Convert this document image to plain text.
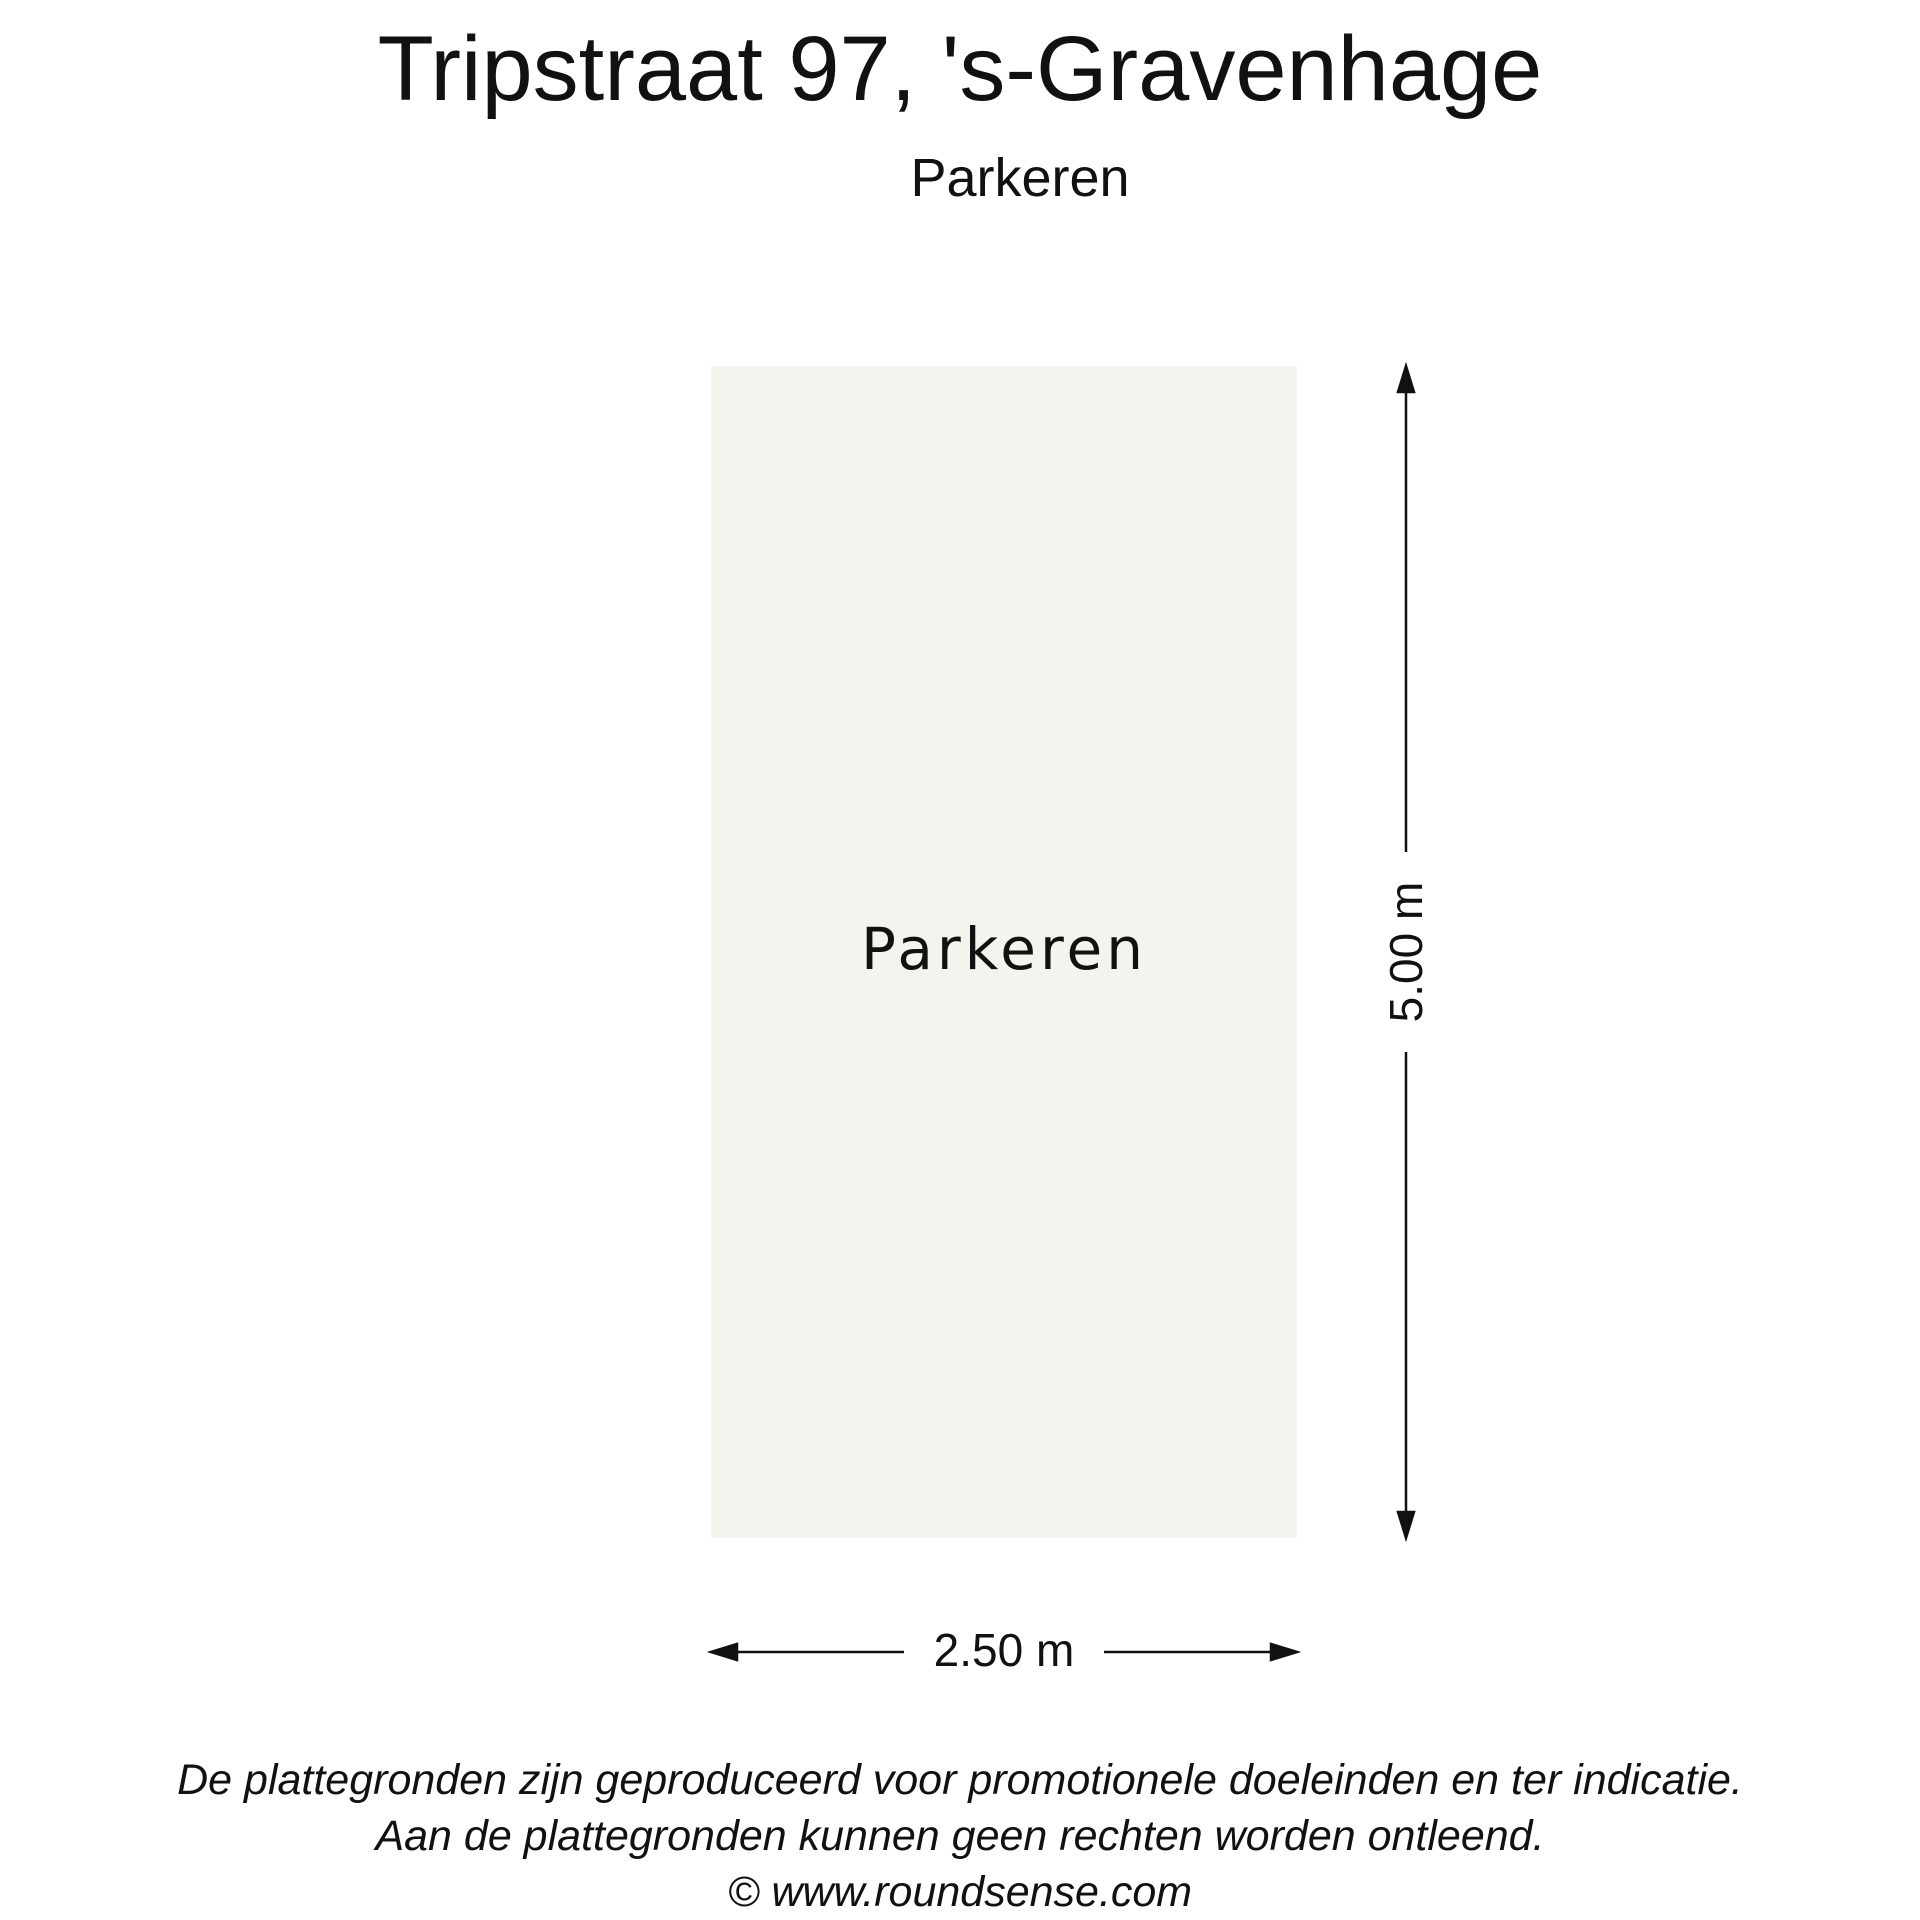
Tripstraat 97, 's-Gravenhage
Parkeren
Parkeren
2.50 m
5.00 m
De plattegronden zijn geproduceerd voor promotionele doeleinden en ter indicatie.
Aan de plattegronden kunnen geen rechten worden ontleend.
© www.roundsense.com
